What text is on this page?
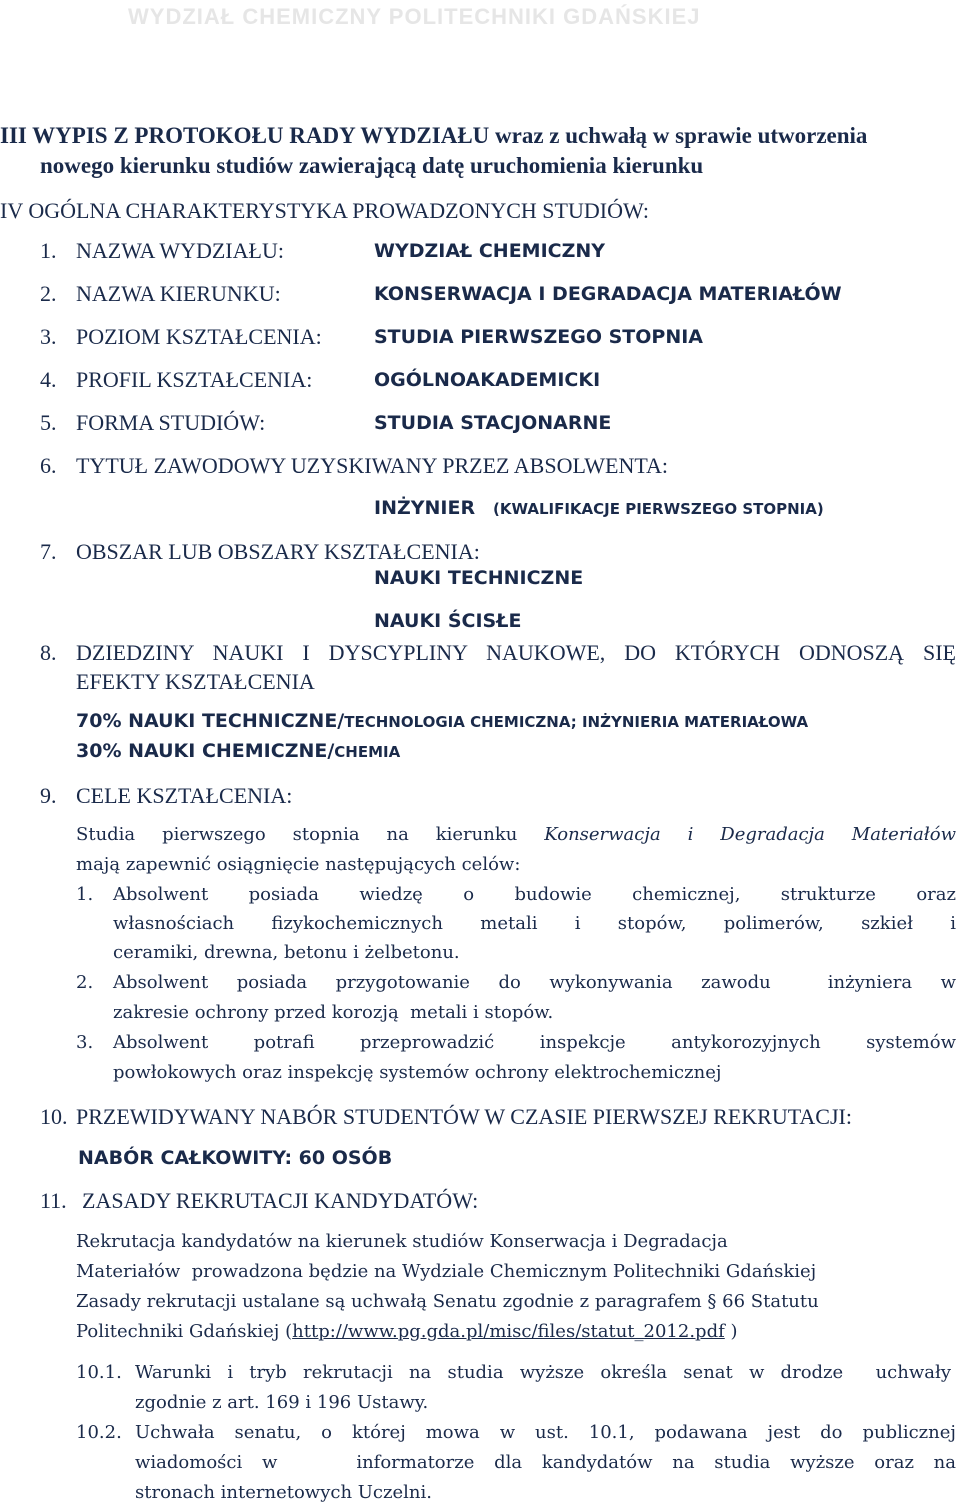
WYDZIAŁ CHEMICZNY POLITECHNIKI GDAŃSKIEJ
III WYPIS Z PROTOKOŁU RADY WYDZIAŁU wraz z uchwałą w sprawie utworzenia
nowego kierunku studiów zawierającą datę uruchomienia kierunku
IV OGÓLNA CHARAKTERYSTYKA PROWADZONYCH STUDIÓW:
1. NAZWA WYDZIAŁU:	WYDZIAŁ CHEMICZNY
2. NAZWA KIERUNKU:	KONSERWACJA I DEGRADACJA MATERIAŁÓW
3. POZIOM KSZTAŁCENIA:	STUDIA PIERWSZEGO STOPNIA
4. PROFIL KSZTAŁCENIA:	OGÓLNOAKADEMICKI
5. FORMA STUDIÓW:	STUDIA STACJONARNE
6. TYTUŁ ZAWODOWY UZYSKIWANY PRZEZ ABSOLWENTA:
INŻYNIER (KWALIFIKACJE PIERWSZEGO STOPNIA)
7. OBSZAR LUB OBSZARY KSZTAŁCENIA:
NAUKI TECHNICZNE
NAUKI ŚCISŁE
8. DZIEDZINY NAUKI I DYSCYPLINY NAUKOWE, DO KTÓRYCH ODNOSZĄ SIĘ
EFEKTY KSZTAŁCENIA
70% NAUKI TECHNICZNE/TECHNOLOGIA CHEMICZNA; INŻYNIERIA MATERIAŁOWA
30% NAUKI CHEMICZNE/CHEMIA
9. CELE KSZTAŁCENIA:
Studia pierwszego stopnia na kierunku Konserwacja i Degradacja Materiałów
mają zapewnić osiągnięcie następujących celów:
1. Absolwent posiada wiedzę o budowie chemicznej, strukturze oraz
własnościach fizykochemicznych metali i stopów, polimerów, szkieł i
ceramiki, drewna, betonu i żelbetonu.
2. Absolwent posiada przygotowanie do wykonywania zawodu  inżyniera w
zakresie ochrony przed korozją  metali i stopów.
3. Absolwent potrafi przeprowadzić inspekcje antykorozyjnych systemów
powłokowych oraz inspekcję systemów ochrony elektrochemicznej
10. PRZEWIDYWANY NABÓR STUDENTÓW W CZASIE PIERWSZEJ REKRUTACJI:
NABÓR CAŁKOWITY: 60 OSÓB
11. ZASADY REKRUTACJI KANDYDATÓW:
Rekrutacja kandydatów na kierunek studiów Konserwacja i Degradacja
Materiałów  prowadzona będzie na Wydziale Chemicznym Politechniki Gdańskiej
Zasady rekrutacji ustalane są uchwałą Senatu zgodnie z paragrafem § 66 Statutu
Politechniki Gdańskiej (http://www.pg.gda.pl/misc/files/statut_2012.pdf )
10.1. Warunki i tryb rekrutacji na studia wyższe określa senat w drodze  uchwały
zgodnie z art. 169 i 196 Ustawy.
10.2. Uchwała senatu, o której mowa w ust. 10.1, podawana jest do publicznej
wiadomości w    informatorze dla kandydatów na studia wyższe oraz na
stronach internetowych Uczelni.
